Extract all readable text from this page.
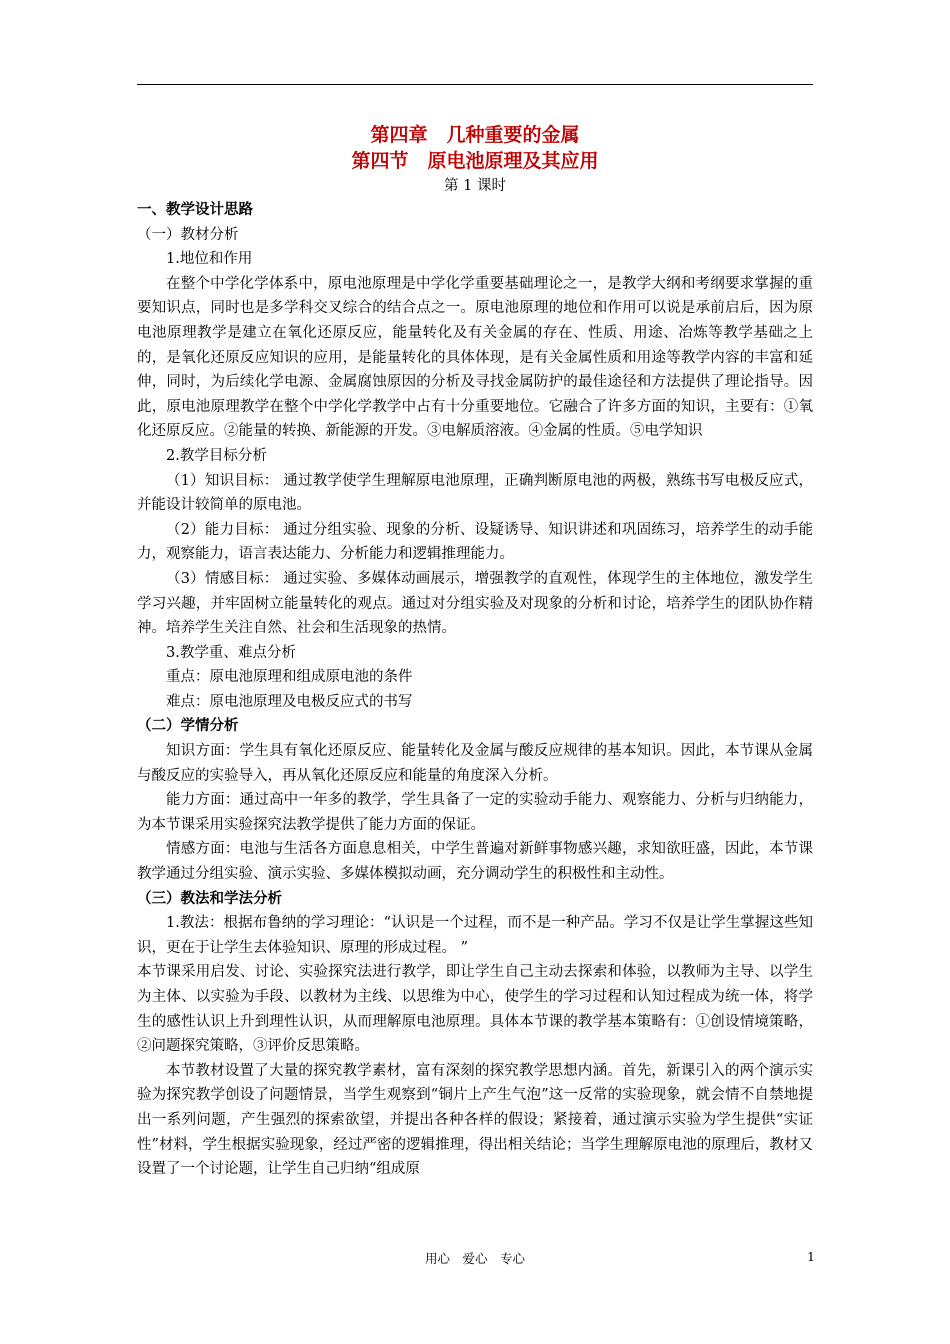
第四章　几种重要的金属
第四节　原电池原理及其应用
第 1 课时
一、教学设计思路
（一）教材分析
1.地位和作用

在整个中学化学体系中，原电池原理是中学化学重要基础理论之一，是教学大纲和考纲要求掌握的重要知识点，同时也是多学科交叉综合的结合点之一。原电池原理的地位和作用可以说是承前启后，因为原电池原理教学是建立在氧化还原反应，能量转化及有关金属的存在、性质、用途、冶炼等教学基础之上的，是氧化还原反应知识的应用，是能量转化的具体体现，是有关金属性质和用途等教学内容的丰富和延伸，同时，为后续化学电源、金属腐蚀原因的分析及寻找金属防护的最佳途径和方法提供了理论指导。因此，原电池原理教学在整个中学化学教学中占有十分重要地位。它融合了许多方面的知识，主要有：①氧化还原反应。②能量的转换、新能源的开发。③电解质溶液。④金属的性质。⑤电学知识

2.教学目标分析

（1）知识目标： 通过教学使学生理解原电池原理，正确判断原电池的两极，熟练书写电极反应式，并能设计较简单的原电池。

（2）能力目标： 通过分组实验、现象的分析、设疑诱导、知识讲述和巩固练习，培养学生的动手能力，观察能力，语言表达能力、分析能力和逻辑推理能力。

（3）情感目标： 通过实验、多媒体动画展示，增强教学的直观性，体现学生的主体地位，激发学生学习兴趣，并牢固树立能量转化的观点。通过对分组实验及对现象的分析和讨论，培养学生的团队协作精神。培养学生关注自然、社会和生活现象的热情。

3.教学重、难点分析
重点：原电池原理和组成原电池的条件
难点：原电池原理及电极反应式的书写
（二）学情分析

知识方面：学生具有氧化还原反应、能量转化及金属与酸反应规律的基本知识。因此，本节课从金属与酸反应的实验导入，再从氧化还原反应和能量的角度深入分析。

能力方面：通过高中一年多的教学，学生具备了一定的实验动手能力、观察能力、分析与归纳能力，为本节课采用实验探究法教学提供了能力方面的保证。

情感方面：电池与生活各方面息息相关，中学生普遍对新鲜事物感兴趣，求知欲旺盛，因此，本节课教学通过分组实验、演示实验、多媒体模拟动画，充分调动学生的积极性和主动性。

（三）教法和学法分析

1.教法：根据布鲁纳的学习理论：“认识是一个过程，而不是一种产品。学习不仅是让学生掌握这些知识，更在于让学生去体验知识、原理的形成过程。 ”

本节课采用启发、讨论、实验探究法进行教学，即让学生自己主动去探索和体验，以教师为主导、以学生为主体、以实验为手段、以教材为主线、以思维为中心，使学生的学习过程和认知过程成为统一体，将学生的感性认识上升到理性认识，从而理解原电池原理。具体本节课的教学基本策略有：①创设情境策略，②问题探究策略，③评价反思策略。

本节教材设置了大量的探究教学素材，富有深刻的探究教学思想内涵。首先，新课引入的两个演示实验为探究教学创设了问题情景，当学生观察到“铜片上产生气泡”这一反常的实验现象，就会情不自禁地提出一系列问题，产生强烈的探索欲望，并提出各种各样的假设；紧接着，通过演示实验为学生提供“实证性”材料，学生根据实验现象，经过严密的逻辑推理，得出相关结论；当学生理解原电池的原理后，教材又设置了一个讨论题，让学生自己归纳“组成原

用心　爱心　专心	1
